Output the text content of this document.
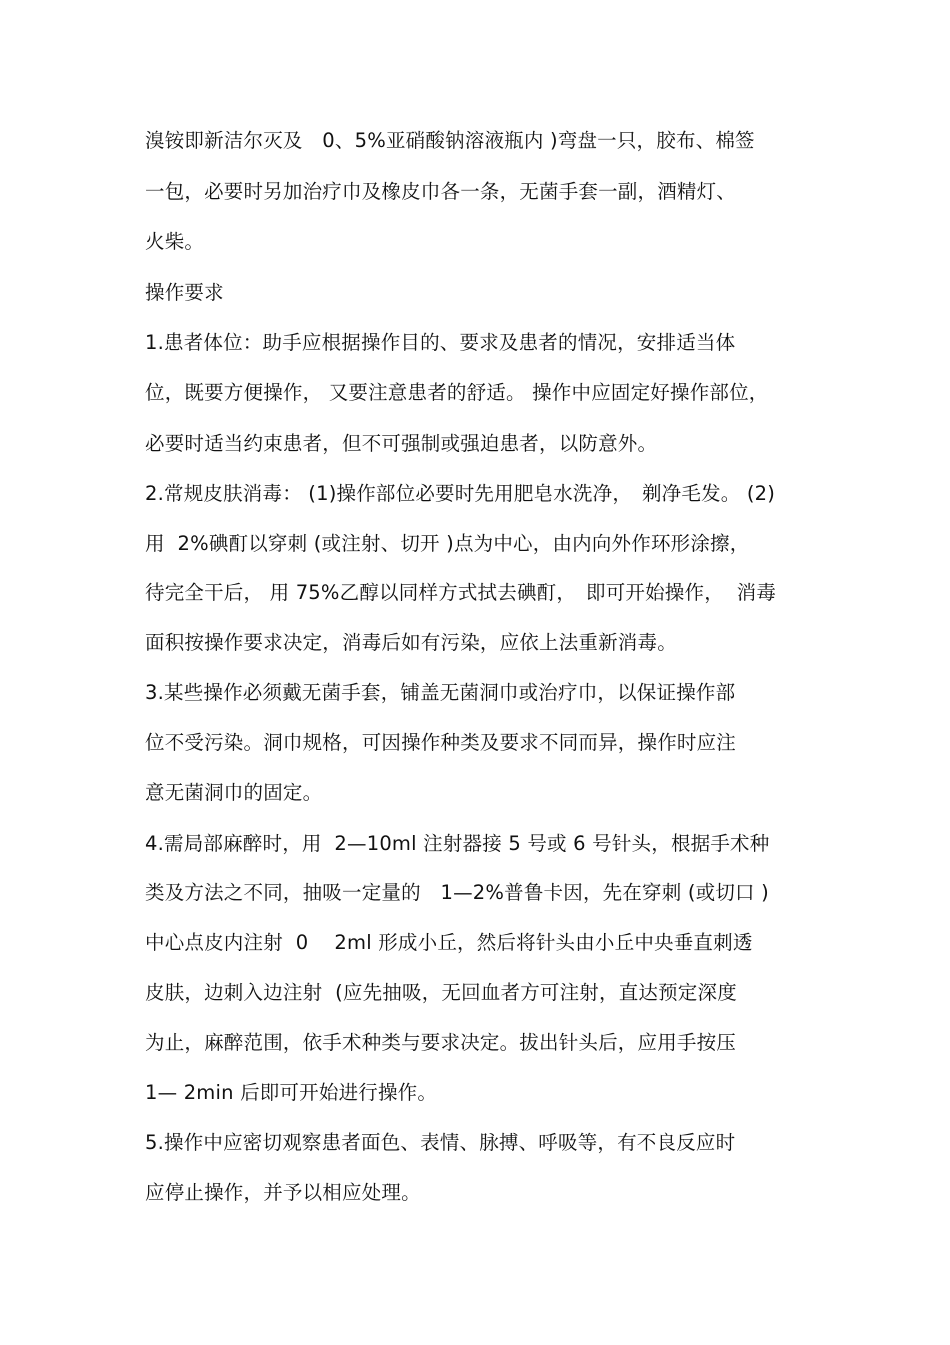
溴铵即新洁尔灭及　0、5%亚硝酸钠溶液瓶内 )弯盘一只，胶布、棉签
一包，必要时另加治疗巾及橡皮巾各一条，无菌手套一副，酒精灯、
火柴。
操作要求
1.患者体位：助手应根据操作目的、要求及患者的情况，安排适当体
位，既要方便操作， 又要注意患者的舒适。 操作中应固定好操作部位，
必要时适当约束患者，但不可强制或强迫患者，以防意外。
2.常规皮肤消毒： (1)操作部位必要时先用肥皂水洗净，　剃净毛发。 (2)
用  2%碘酊以穿刺 (或注射、切开 )点为中心，由内向外作环形涂擦，
待完全干后， 用 75%乙醇以同样方式拭去碘酊，　即可开始操作，  消毒
面积按操作要求决定，消毒后如有污染，应依上法重新消毒。
3.某些操作必须戴无菌手套，铺盖无菌洞巾或治疗巾，以保证操作部
位不受污染。洞巾规格，可因操作种类及要求不同而异，操作时应注
意无菌洞巾的固定。
4.需局部麻醉时，用  2—10ml 注射器接 5 号或 6 号针头，根据手术种
类及方法之不同，抽吸一定量的　1—2%普鲁卡因，先在穿刺 (或切口 )
中心点皮内注射  0　 2ml 形成小丘，然后将针头由小丘中央垂直刺透
皮肤，边刺入边注射  (应先抽吸，无回血者方可注射，直达预定深度
为止，麻醉范围，依手术种类与要求决定。拔出针头后，应用手按压
1— 2min 后即可开始进行操作。
5.操作中应密切观察患者面色、表情、脉搏、呼吸等，有不良反应时
应停止操作，并予以相应处理。
